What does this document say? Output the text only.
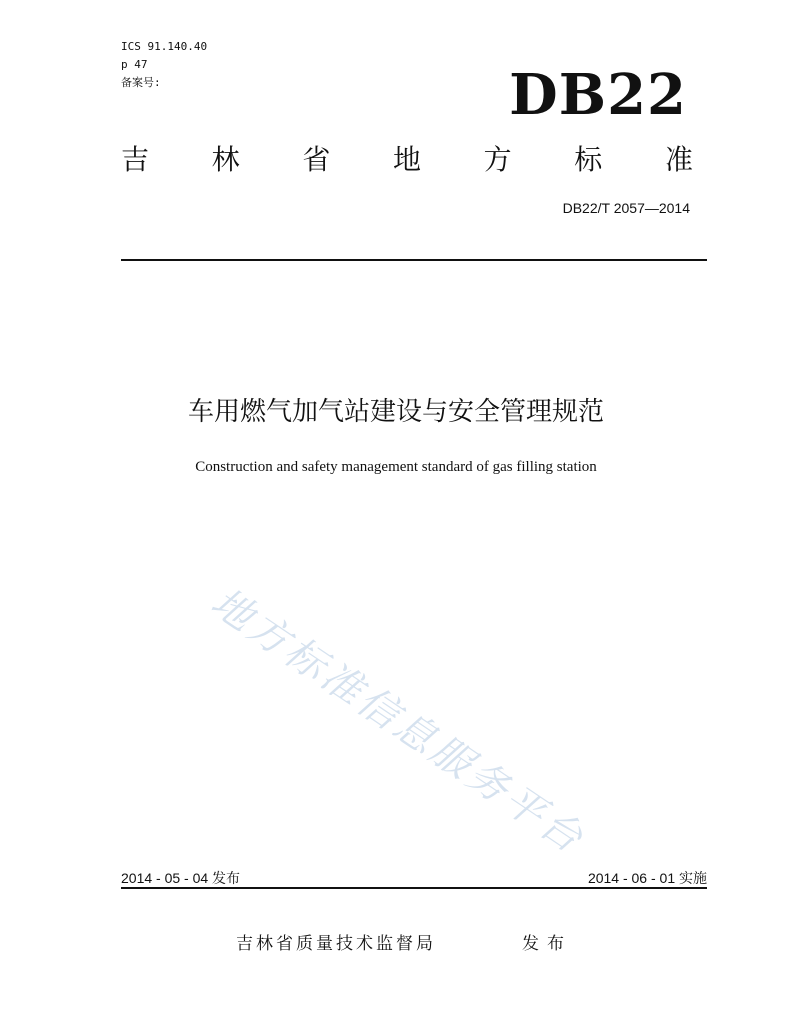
ICS 91.140.40
p 47
备案号:	DB22
吉 林 省 地 方 标 准
DB22/T 2057—2014
车用燃气加气站建设与安全管理规范
Construction and safety management standard of gas filling station
地方标准信息服务平台
2014 - 05 - 04 发布	2014 - 06 - 01 实施
吉林省质量技术监督局	发布
